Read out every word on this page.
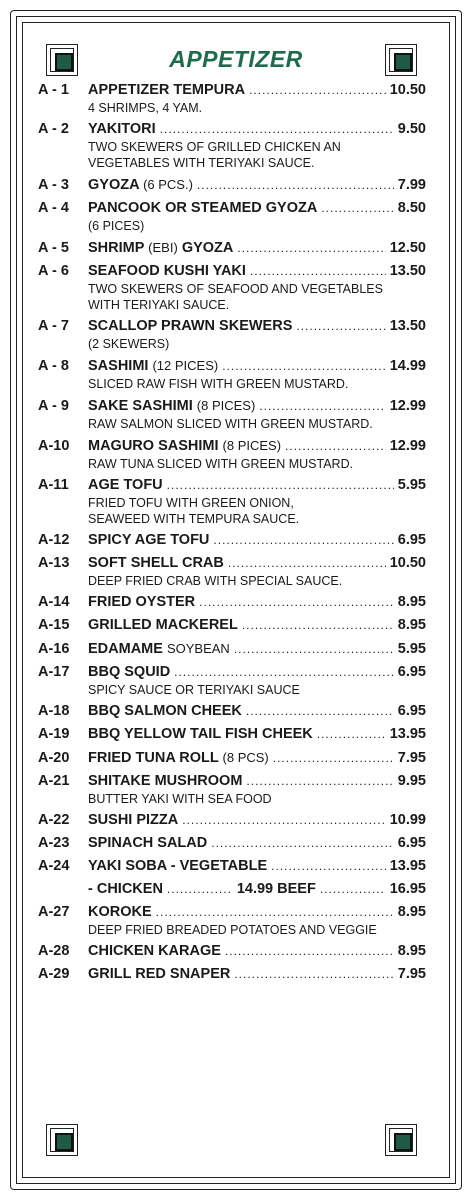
APPETIZER
A - 1	APPETIZER TEMPURA .....	10.50
4 SHRIMPS, 4 YAM.
A - 2	YAKITORI .....	9.50
TWO SKEWERS OF GRILLED CHICKEN AN
VEGETABLES WITH TERIYAKI SAUCE.
A - 3	GYOZA (6 PCS.) .....	7.99
A - 4	PANCOOK OR STEAMED GYOZA .....	8.50
(6 PICES)
A - 5	SHRIMP (EBI) GYOZA .....	12.50
A - 6	SEAFOOD KUSHI YAKI .....	13.50
TWO SKEWERS OF SEAFOOD AND VEGETABLES
WITH TERIYAKI SAUCE.
A - 7	SCALLOP PRAWN SKEWERS .....	13.50
(2 SKEWERS)
A - 8	SASHIMI (12 PICES) .....	14.99
SLICED RAW FISH WITH GREEN MUSTARD.
A - 9	SAKE SASHIMI (8 PICES) .....	12.99
RAW SALMON SLICED WITH GREEN MUSTARD.
A-10	MAGURO SASHIMI (8 PICES) .....	12.99
RAW TUNA SLICED WITH GREEN MUSTARD.
A-11	AGE TOFU .....	5.95
FRIED TOFU WITH GREEN ONION,
SEAWEED WITH TEMPURA SAUCE.
A-12	SPICY AGE TOFU .....	6.95
A-13	SOFT SHELL CRAB .....	10.50
DEEP FRIED CRAB WITH SPECIAL SAUCE.
A-14	FRIED OYSTER .....	8.95
A-15	GRILLED MACKEREL .....	8.95
A-16	EDAMAME SOYBEAN .....	5.95
A-17	BBQ SQUID .....	6.95
SPICY SAUCE OR TERIYAKI SAUCE
A-18	BBQ SALMON CHEEK .....	6.95
A-19	BBQ YELLOW TAIL FISH CHEEK .....	13.95
A-20	FRIED TUNA ROLL (8 PCS) .....	7.95
A-21	SHITAKE MUSHROOM .....	9.95
BUTTER YAKI WITH SEA FOOD
A-22	SUSHI PIZZA .....	10.99
A-23	SPINACH SALAD .....	6.95
A-24	YAKI SOBA - VEGETABLE .....	13.95
- CHICKEN .....	14.99
BEEF .....	16.95
A-27	KOROKE .....	8.95
DEEP FRIED BREADED POTATOES AND VEGGIE
A-28	CHICKEN KARAGE .....	8.95
A-29	GRILL RED SNAPER .....	7.95
